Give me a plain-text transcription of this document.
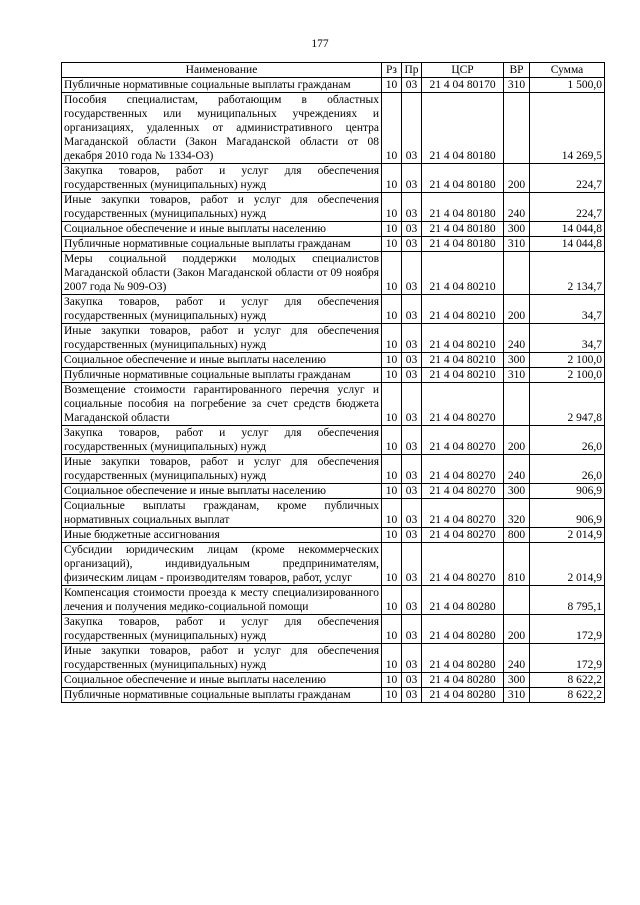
177
Наименование	Рз	Пр	ЦСР	ВР	Сумма
Публичные нормативные социальные выплаты гражданам	10	03	21 4 04 80170	310	1 500,0
Пособия специалистам, работающим в областных государственных или муниципальных учреждениях и организациях, удаленных от административного центра Магаданской области (Закон Магаданской области от 08 декабря 2010 года № 1334-ОЗ)	10	03	21 4 04 80180		14 269,5
Закупка товаров, работ и услуг для обеспечения государственных (муниципальных) нужд	10	03	21 4 04 80180	200	224,7
Иные закупки товаров, работ и услуг для обеспечения государственных (муниципальных) нужд	10	03	21 4 04 80180	240	224,7
Социальное обеспечение и иные выплаты населению	10	03	21 4 04 80180	300	14 044,8
Публичные нормативные социальные выплаты гражданам	10	03	21 4 04 80180	310	14 044,8
Меры социальной поддержки молодых специалистов Магаданской области (Закон Магаданской области от 09 ноября 2007 года № 909-ОЗ)	10	03	21 4 04 80210		2 134,7
Закупка товаров, работ и услуг для обеспечения государственных (муниципальных) нужд	10	03	21 4 04 80210	200	34,7
Иные закупки товаров, работ и услуг для обеспечения государственных (муниципальных) нужд	10	03	21 4 04 80210	240	34,7
Социальное обеспечение и иные выплаты населению	10	03	21 4 04 80210	300	2 100,0
Публичные нормативные социальные выплаты гражданам	10	03	21 4 04 80210	310	2 100,0
Возмещение стоимости гарантированного перечня услуг и социальные пособия на погребение за счет средств бюджета Магаданской области	10	03	21 4 04 80270		2 947,8
Закупка товаров, работ и услуг для обеспечения государственных (муниципальных) нужд	10	03	21 4 04 80270	200	26,0
Иные закупки товаров, работ и услуг для обеспечения государственных (муниципальных) нужд	10	03	21 4 04 80270	240	26,0
Социальное обеспечение и иные выплаты населению	10	03	21 4 04 80270	300	906,9
Социальные выплаты гражданам, кроме публичных нормативных социальных выплат	10	03	21 4 04 80270	320	906,9
Иные бюджетные ассигнования	10	03	21 4 04 80270	800	2 014,9
Субсидии юридическим лицам (кроме некоммерческих организаций), индивидуальным предпринимателям, физическим лицам - производителям товаров, работ, услуг	10	03	21 4 04 80270	810	2 014,9
Компенсация стоимости проезда к месту специализированного лечения и получения медико-социальной помощи	10	03	21 4 04 80280		8 795,1
Закупка товаров, работ и услуг для обеспечения государственных (муниципальных) нужд	10	03	21 4 04 80280	200	172,9
Иные закупки товаров, работ и услуг для обеспечения государственных (муниципальных) нужд	10	03	21 4 04 80280	240	172,9
Социальное обеспечение и иные выплаты населению	10	03	21 4 04 80280	300	8 622,2
Публичные нормативные социальные выплаты гражданам	10	03	21 4 04 80280	310	8 622,2
